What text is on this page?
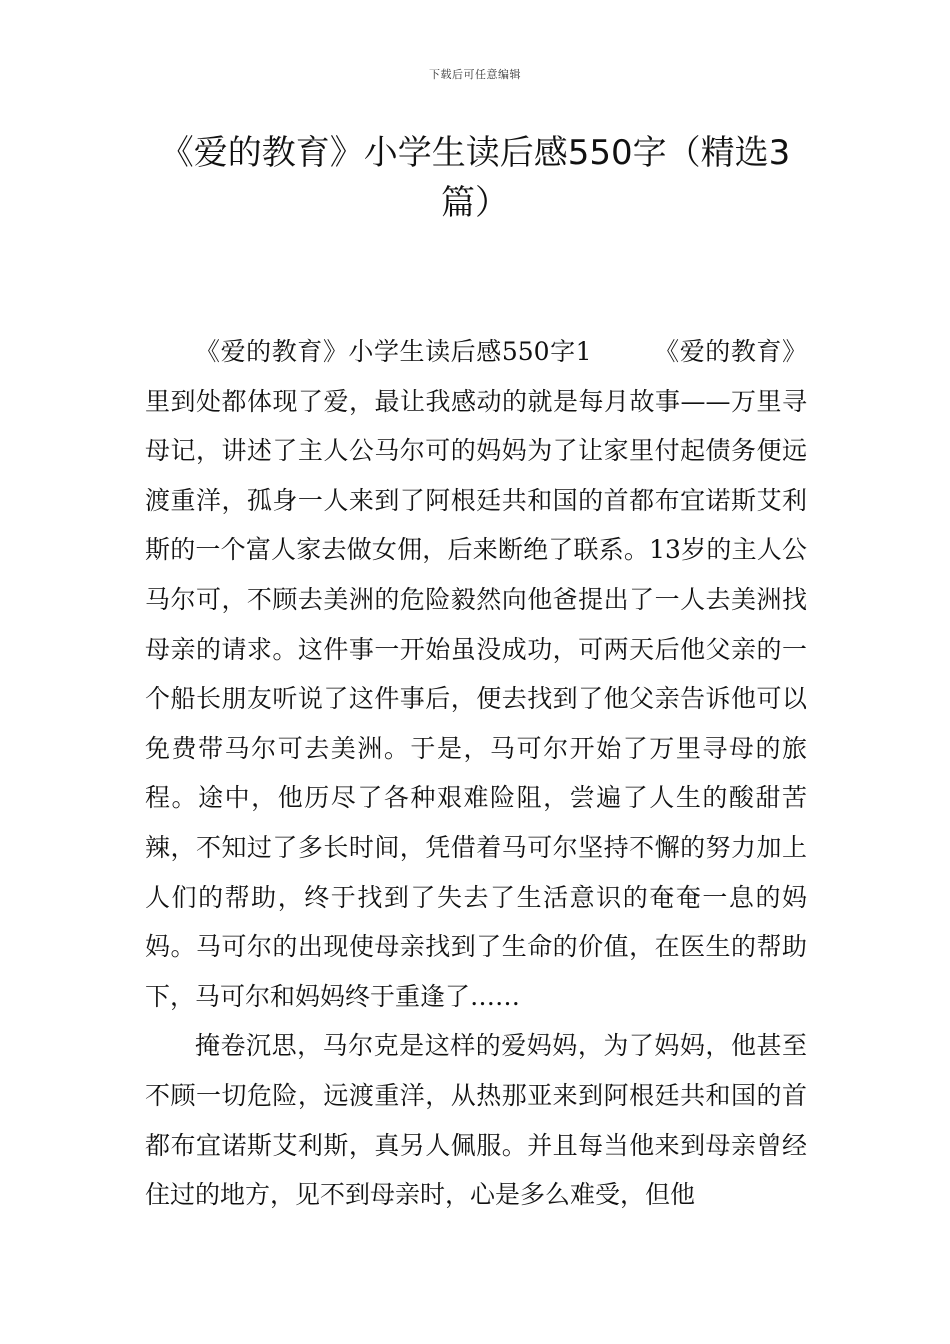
下载后可任意编辑
《爱的教育》小学生读后感550字（精选3篇）

《爱的教育》小学生读后感550字1 《爱的教育》里到处都体现了爱，最让我感动的就是每月故事——万里寻母记，讲述了主人公马尔可的妈妈为了让家里付起债务便远渡重洋，孤身一人来到了阿根廷共和国的首都布宜诺斯艾利斯的一个富人家去做女佣，后来断绝了联系。13岁的主人公马尔可，不顾去美洲的危险毅然向他爸提出了一人去美洲找母亲的请求。这件事一开始虽没成功，可两天后他父亲的一个船长朋友听说了这件事后，便去找到了他父亲告诉他可以免费带马尔可去美洲。于是，马可尔开始了万里寻母的旅程。途中，他历尽了各种艰难险阻，尝遍了人生的酸甜苦辣，不知过了多长时间，凭借着马可尔坚持不懈的努力加上人们的帮助，终于找到了失去了生活意识的奄奄一息的妈妈。马可尔的出现使母亲找到了生命的价值，在医生的帮助下，马可尔和妈妈终于重逢了……

掩卷沉思，马尔克是这样的爱妈妈，为了妈妈，他甚至不顾一切危险，远渡重洋，从热那亚来到阿根廷共和国的首都布宜诺斯艾利斯，真另人佩服。并且每当他来到母亲曾经住过的地方，见不到母亲时，心是多么难受，但他
